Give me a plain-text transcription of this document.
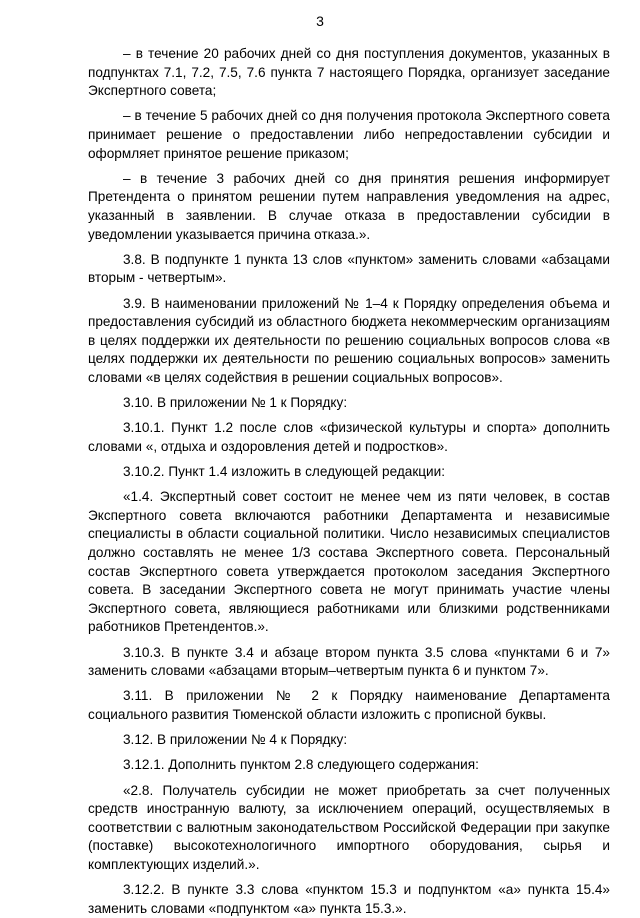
3

– в течение 20 рабочих дней со дня поступления документов, указанных в подпунктах 7.1, 7.2, 7.5, 7.6 пункта 7 настоящего Порядка, организует заседание Экспертного совета;

– в течение 5 рабочих дней со дня получения протокола Экспертного совета принимает решение о предоставлении либо непредоставлении субсидии и оформляет принятое решение приказом;

– в течение 3 рабочих дней со дня принятия решения информирует Претендента о принятом решении путем направления уведомления на адрес, указанный в заявлении. В случае отказа в предоставлении субсидии в уведомлении указывается причина отказа.».

3.8. В подпункте 1 пункта 13 слов «пунктом» заменить словами «абзацами вторым - четвертым».

3.9. В наименовании приложений № 1–4 к Порядку определения объема и предоставления субсидий из областного бюджета некоммерческим организациям в целях поддержки их деятельности по решению социальных вопросов слова «в целях поддержки их деятельности по решению социальных вопросов» заменить словами «в целях содействия в решении социальных вопросов».

3.10. В приложении № 1 к Порядку:

3.10.1. Пункт 1.2 после слов «физической культуры и спорта» дополнить словами «, отдыха и оздоровления детей и подростков».

3.10.2. Пункт 1.4 изложить в следующей редакции:

«1.4. Экспертный совет состоит не менее чем из пяти человек, в состав Экспертного совета включаются работники Департамента и независимые специалисты в области социальной политики. Число независимых специалистов должно составлять не менее 1/3 состава Экспертного совета. Персональный состав Экспертного совета утверждается протоколом заседания Экспертного совета. В заседании Экспертного совета не могут принимать участие члены Экспертного совета, являющиеся работниками или близкими родственниками работников Претендентов.».

3.10.3. В пункте 3.4 и абзаце втором пункта 3.5 слова «пунктами 6 и 7» заменить словами «абзацами вторым–четвертым пункта 6 и пунктом 7».

3.11. В приложении № 2 к Порядку наименование Департамента социального развития Тюменской области изложить с прописной буквы.

3.12. В приложении № 4 к Порядку:

3.12.1. Дополнить пунктом 2.8 следующего содержания:

«2.8. Получатель субсидии не может приобретать за счет полученных средств иностранную валюту, за исключением операций, осуществляемых в соответствии с валютным законодательством Российской Федерации при закупке (поставке) высокотехнологичного импортного оборудования, сырья и комплектующих изделий.».

3.12.2. В пункте 3.3 слова «пунктом 15.3 и подпунктом «а» пункта 15.4» заменить словами «подпунктом «а» пункта 15.3.».
